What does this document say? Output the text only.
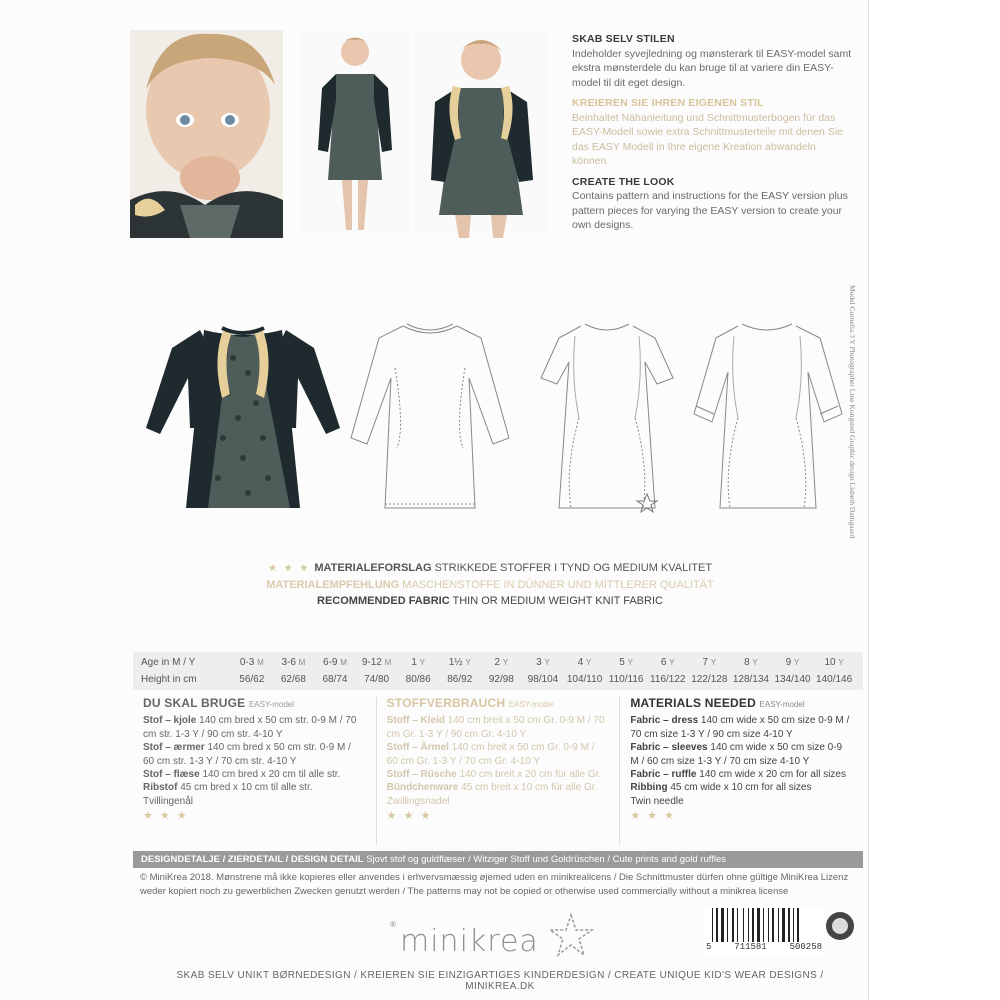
SKAB SELV STILEN

Indeholder syvejledning og mønsterark til EASY-model samt ekstra mønsterdele du kan bruge til at variere din EASY-model til dit eget design.

KREIEREN SIE IHREN EIGENEN STIL

Beinhaltet Nähanleitung und Schnittmusterbogen für das EASY-Modell sowie extra Schnittmusterteile mit denen Sie das EASY Modell in Ihre eigene Kreation abwandeln können.

CREATE THE LOOK

Contains pattern and instructions for the EASY version plus pattern pieces for varying the EASY version to create your own designs.

Model Cornelia 3 Y Photographer Line Kongsted Graphic design Lisbeth Damgaard
★ ★ ★ MATERIALEFORSLAG STRIKKEDE STOFFER I TYND OG MEDIUM KVALITET
MATERIALEMPFEHLUNG MASCHENSTOFFE IN DÜNNER UND MITTLERER QUALITÄT
RECOMMENDED FABRIC THIN OR MEDIUM WEIGHT KNIT FABRIC
Age in M / Y	0-3 M	3-6 M	6-9 M	9-12 M	1 Y	1½ Y	2 Y	3 Y	4 Y	5 Y	6 Y	7 Y	8 Y	9 Y	10 Y
Height in cm	56/62	62/68	68/74	74/80	80/86	86/92	92/98	98/104 104/110 110/116 116/122 122/128 128/134 134/140 140/146
DU SKAL BRUGE EASY-model
Stof – kjole 140 cm bred x 50 cm str. 0-9 M / 70 cm str. 1-3 Y / 90 cm str. 4-10 Y
Stof – ærmer 140 cm bred x 50 cm str. 0-9 M / 60 cm str. 1-3 Y / 70 cm str. 4-10 Y
Stof – flæse 140 cm bred x 20 cm til alle str.
Ribstof 45 cm bred x 10 cm til alle str.
Tvillingenål
★ ★ ★
STOFFVERBRAUCH EASY-model
Stoff – Kleid 140 cm breit x 50 cm Gr. 0-9 M / 70 cm Gr. 1-3 Y / 90 cm Gr. 4-10 Y
Stoff – Ärmel 140 cm breit x 50 cm Gr. 0-9 M / 60 cm Gr. 1-3 Y / 70 cm Gr. 4-10 Y
Stoff – Rüsche 140 cm breit x 20 cm für alle Gr.
Bündchenware 45 cm breit x 10 cm für alle Gr.
Zwillingsnadel
★ ★ ★
MATERIALS NEEDED EASY-model
Fabric – dress 140 cm wide x 50 cm size 0-9 M / 70 cm size 1-3 Y / 90 cm size 4-10 Y
Fabric – sleeves 140 cm wide x 50 cm size 0-9 M / 60 cm size 1-3 Y / 70 cm size 4-10 Y
Fabric – ruffle 140 cm wide x 20 cm for all sizes
Ribbing 45 cm wide x 10 cm for all sizes
Twin needle
★ ★ ★
DESIGNDETALJE / ZIERDETAIL / DESIGN DETAIL Sjovt stof og guldflæser / Witziger Stoff und Goldrüschen / Cute prints and gold ruffles
© MiniKrea 2018. Mønstrene må ikke kopieres eller anvendes i erhvervsmæssig øjemed uden en minikrealicens / Die Schnittmuster dürfen ohne gültige MiniKrea Lizenz weder kopiert noch zu gewerblichen Zwecken genutzt werden / The patterns may not be copied or otherwise used commercially without a minikrea license
® minikrea	5	711581	500258
SKAB SELV UNIKT BØRNEDESIGN / KREIEREN SIE EINZIGARTIGES KINDERDESIGN / CREATE UNIQUE KID'S WEAR DESIGNS / MINIKREA.DK
